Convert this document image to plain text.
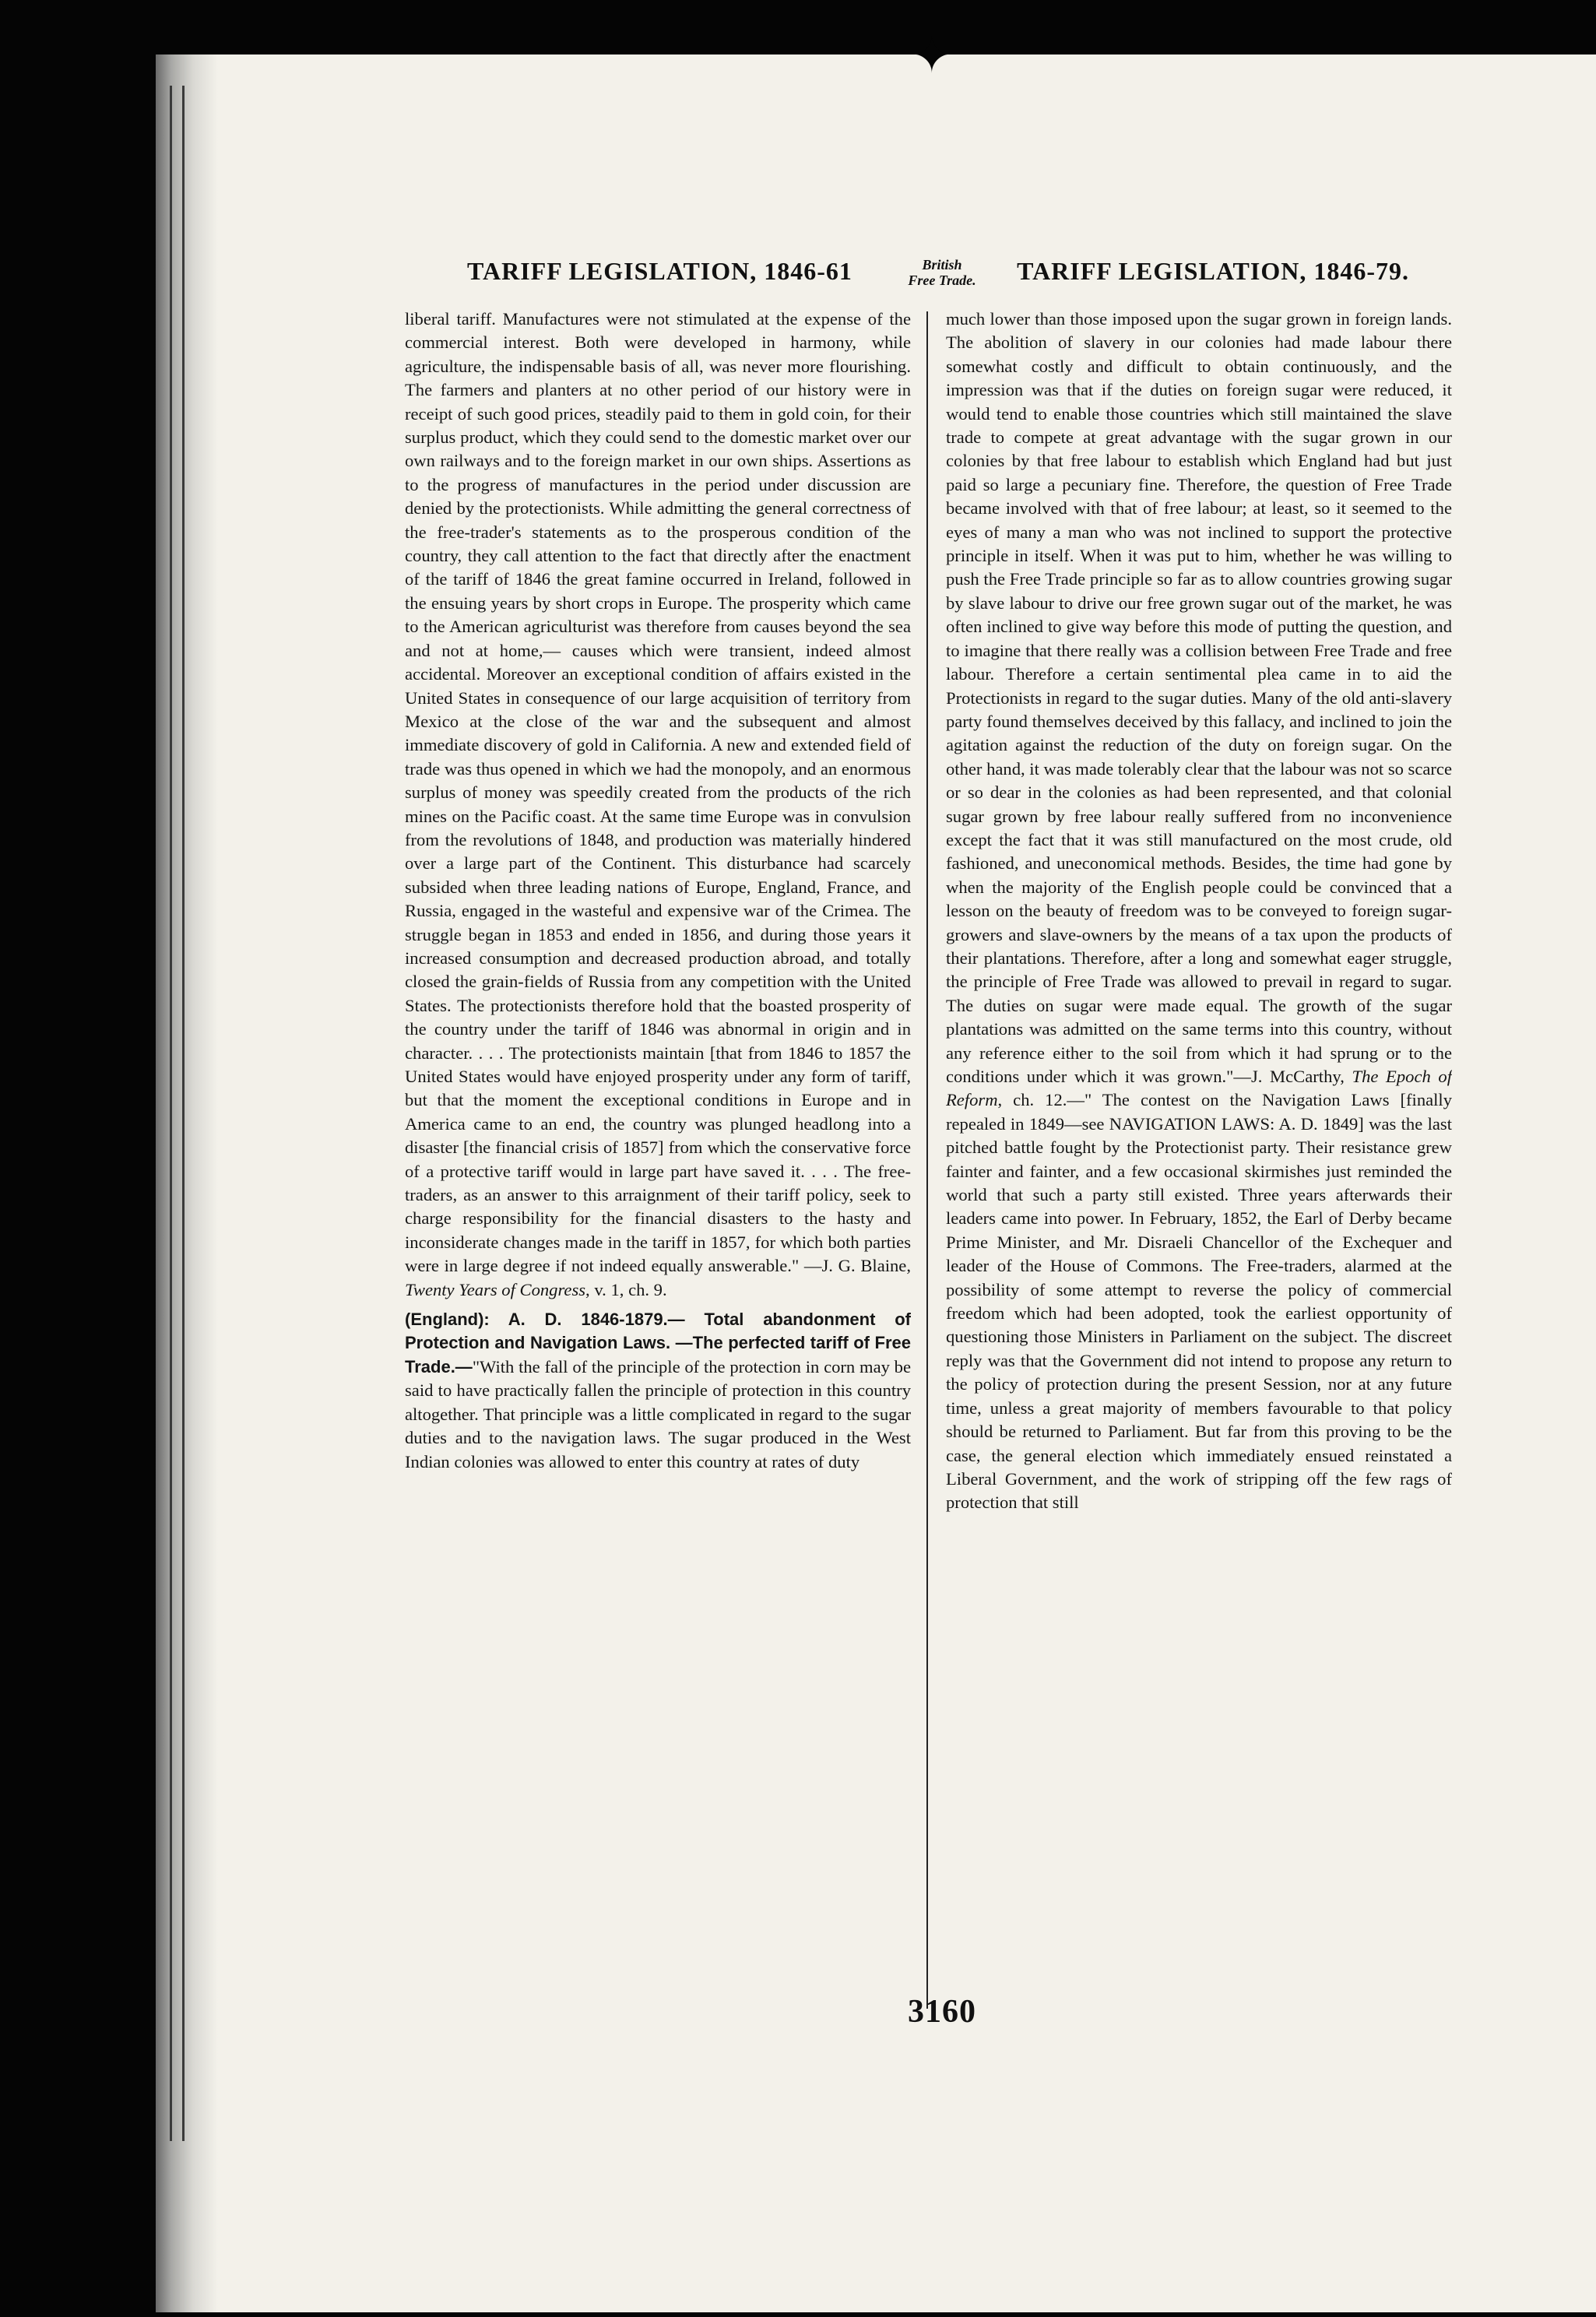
✦
TARIFF LEGISLATION, 1846-61	British
Free Trade.	TARIFF LEGISLATION, 1846-79.

liberal tariff. Manufactures were not stimulated at the expense of the commercial interest. Both were developed in harmony, while agriculture, the indispensable basis of all, was never more flourishing. The farmers and planters at no other period of our history were in receipt of such good prices, steadily paid to them in gold coin, for their surplus product, which they could send to the domestic market over our own railways and to the foreign market in our own ships. Assertions as to the progress of manufactures in the period under discussion are denied by the protectionists. While admitting the general correctness of the free-trader's statements as to the prosperous condition of the country, they call attention to the fact that directly after the enactment of the tariff of 1846 the great famine occurred in Ireland, followed in the ensuing years by short crops in Europe. The prosperity which came to the American agriculturist was therefore from causes beyond the sea and not at home,— causes which were transient, indeed almost accidental. Moreover an exceptional condition of affairs existed in the United States in consequence of our large acquisition of territory from Mexico at the close of the war and the subsequent and almost immediate discovery of gold in California. A new and extended field of trade was thus opened in which we had the monopoly, and an enormous surplus of money was speedily created from the products of the rich mines on the Pacific coast. At the same time Europe was in convulsion from the revolutions of 1848, and production was materially hindered over a large part of the Continent. This disturbance had scarcely subsided when three leading nations of Europe, England, France, and Russia, engaged in the wasteful and expensive war of the Crimea. The struggle began in 1853 and ended in 1856, and during those years it increased consumption and decreased production abroad, and totally closed the grain-fields of Russia from any competition with the United States. The protectionists therefore hold that the boasted prosperity of the country under the tariff of 1846 was abnormal in origin and in character. . . . The protectionists maintain [that from 1846 to 1857 the United States would have enjoyed prosperity under any form of tariff, but that the moment the exceptional conditions in Europe and in America came to an end, the country was plunged headlong into a disaster [the financial crisis of 1857] from which the conservative force of a protective tariff would in large part have saved it. . . . The free-traders, as an answer to this arraignment of their tariff policy, seek to charge responsibility for the financial disasters to the hasty and inconsiderate changes made in the tariff in 1857, for which both parties were in large degree if not indeed equally answerable." —J. G. Blaine, Twenty Years of Congress, v. 1, ch. 9.

(England): A. D. 1846-1879.— Total abandonment of Protection and Navigation Laws. —The perfected tariff of Free Trade.—"With the fall of the principle of the protection in corn may be said to have practically fallen the principle of protection in this country altogether. That principle was a little complicated in regard to the sugar duties and to the navigation laws. The sugar produced in the West Indian colonies was allowed to enter this country at rates of duty

much lower than those imposed upon the sugar grown in foreign lands. The abolition of slavery in our colonies had made labour there somewhat costly and difficult to obtain continuously, and the impression was that if the duties on foreign sugar were reduced, it would tend to enable those countries which still maintained the slave trade to compete at great advantage with the sugar grown in our colonies by that free labour to establish which England had but just paid so large a pecuniary fine. Therefore, the question of Free Trade became involved with that of free labour; at least, so it seemed to the eyes of many a man who was not inclined to support the protective principle in itself. When it was put to him, whether he was willing to push the Free Trade principle so far as to allow countries growing sugar by slave labour to drive our free grown sugar out of the market, he was often inclined to give way before this mode of putting the question, and to imagine that there really was a collision between Free Trade and free labour. Therefore a certain sentimental plea came in to aid the Protectionists in regard to the sugar duties. Many of the old anti-slavery party found themselves deceived by this fallacy, and inclined to join the agitation against the reduction of the duty on foreign sugar. On the other hand, it was made tolerably clear that the labour was not so scarce or so dear in the colonies as had been represented, and that colonial sugar grown by free labour really suffered from no inconvenience except the fact that it was still manufactured on the most crude, old fashioned, and uneconomical methods. Besides, the time had gone by when the majority of the English people could be convinced that a lesson on the beauty of freedom was to be conveyed to foreign sugar-growers and slave-owners by the means of a tax upon the products of their plantations. Therefore, after a long and somewhat eager struggle, the principle of Free Trade was allowed to prevail in regard to sugar. The duties on sugar were made equal. The growth of the sugar plantations was admitted on the same terms into this country, without any reference either to the soil from which it had sprung or to the conditions under which it was grown."—J. McCarthy, The Epoch of Reform, ch. 12.—" The contest on the Navigation Laws [finally repealed in 1849—see NAVIGATION LAWS: A. D. 1849] was the last pitched battle fought by the Protectionist party. Their resistance grew fainter and fainter, and a few occasional skirmishes just reminded the world that such a party still existed. Three years afterwards their leaders came into power. In February, 1852, the Earl of Derby became Prime Minister, and Mr. Disraeli Chancellor of the Exchequer and leader of the House of Commons. The Free-traders, alarmed at the possibility of some attempt to reverse the policy of commercial freedom which had been adopted, took the earliest opportunity of questioning those Ministers in Parliament on the subject. The discreet reply was that the Government did not intend to propose any return to the policy of protection during the present Session, nor at any future time, unless a great majority of members favourable to that policy should be returned to Parliament. But far from this proving to be the case, the general election which immediately ensued reinstated a Liberal Government, and the work of stripping off the few rags of protection that still

3160
